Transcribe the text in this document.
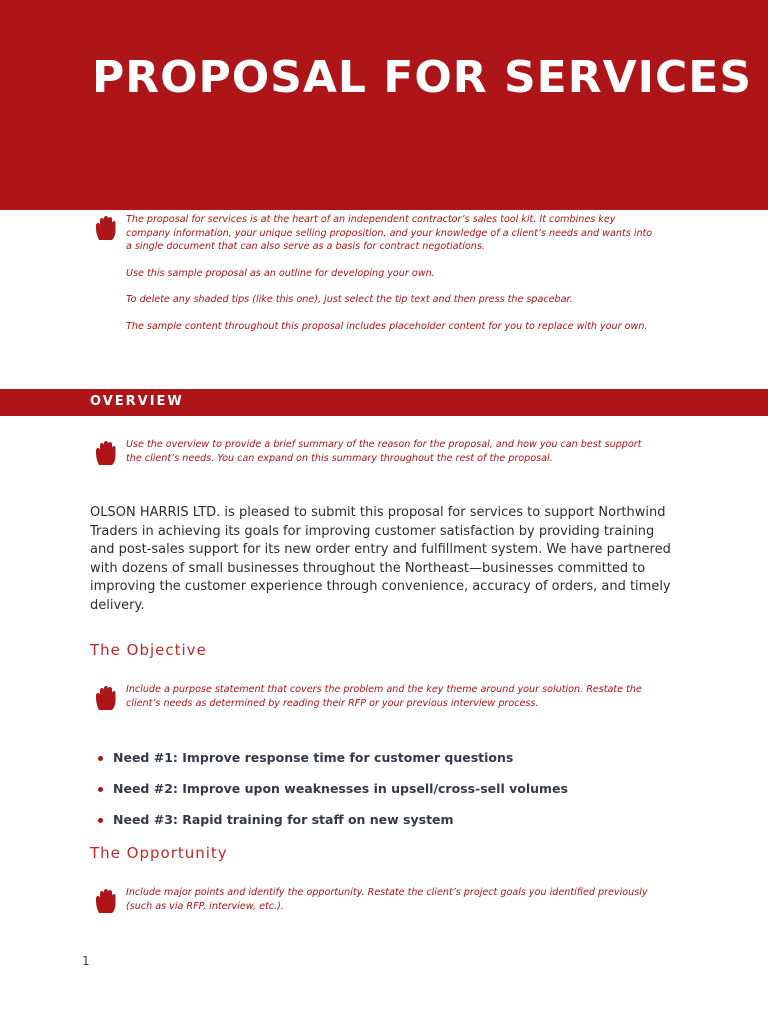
PROPOSAL FOR SERVICES

The proposal for services is at the heart of an independent contractor’s sales tool kit. It combines key company information, your unique selling proposition, and your knowledge of a client’s needs and wants into a single document that can also serve as a basis for contract negotiations.

Use this sample proposal as an outline for developing your own.

To delete any shaded tips (like this one), just select the tip text and then press the spacebar.

The sample content throughout this proposal includes placeholder content for you to replace with your own.

OVERVIEW

Use the overview to provide a brief summary of the reason for the proposal, and how you can best support the client’s needs. You can expand on this summary throughout the rest of the proposal.

OLSON HARRIS LTD. is pleased to submit this proposal for services to support Northwind Traders in achieving its goals for improving customer satisfaction by providing training and post-sales support for its new order entry and fulfillment system. We have partnered with dozens of small businesses throughout the Northeast—businesses committed to improving the customer experience through convenience, accuracy of orders, and timely delivery.

The Objective

Include a purpose statement that covers the problem and the key theme around your solution. Restate the client’s needs as determined by reading their RFP or your previous interview process.

Need #1: Improve response time for customer questions
Need #2: Improve upon weaknesses in upsell/cross-sell volumes
Need #3: Rapid training for staff on new system
The Opportunity

Include major points and identify the opportunity. Restate the client’s project goals you identified previously (such as via RFP, interview, etc.).

1
